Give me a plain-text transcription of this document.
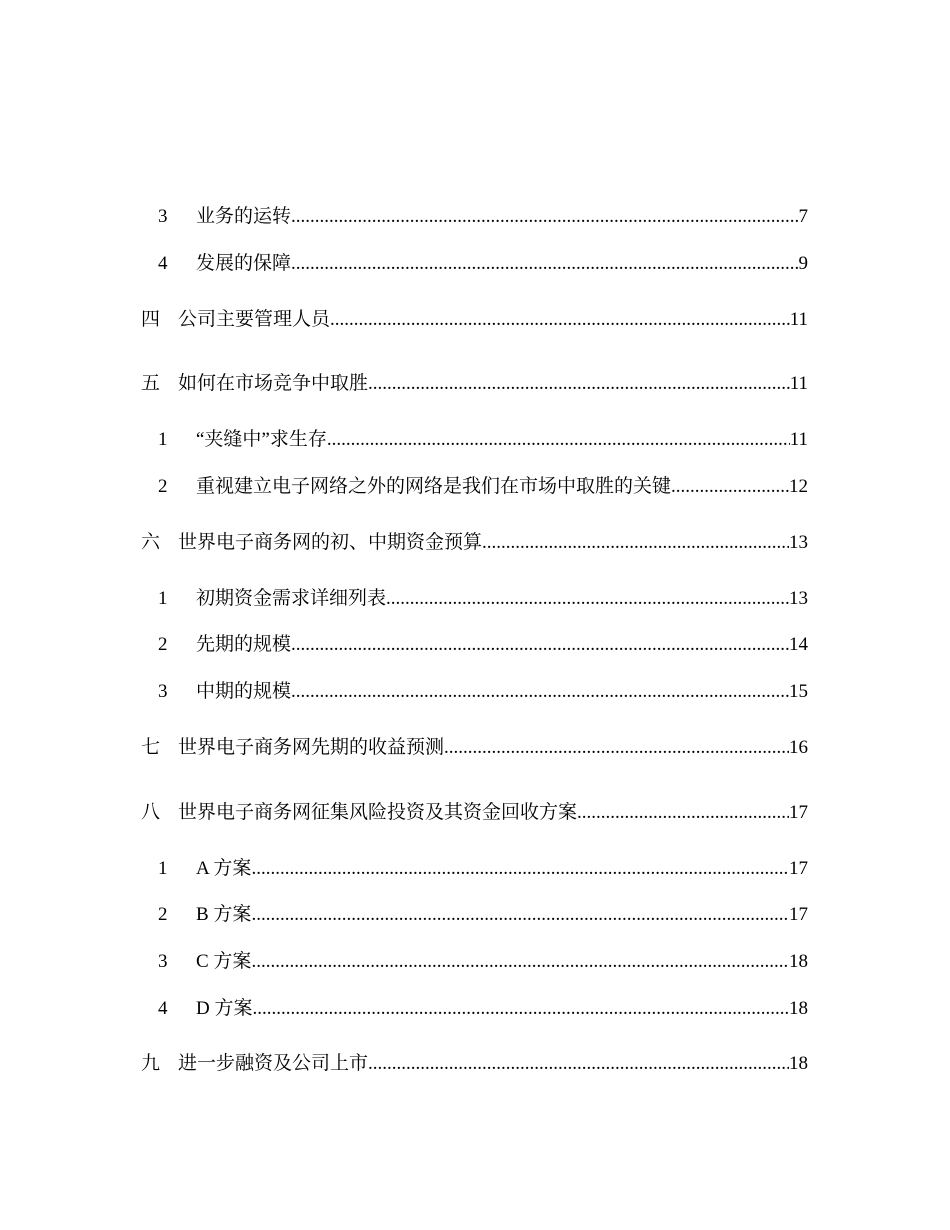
3 业务的运转 .....	7
4 发展的保障 .....	9
四 公司主要管理人员 .....	11
五 如何在市场竞争中取胜 .....	11
1 “夹缝中”求生存 .....	11
2 重视建立电子网络之外的网络是我们在市场中取胜的关键 .....	12
六 世界电子商务网的初、中期资金预算 .....	13
1 初期资金需求详细列表 .....	13
2 先期的规模 .....	14
3 中期的规模 .....	15
七 世界电子商务网先期的收益预测 .....	16
八 世界电子商务网征集风险投资及其资金回收方案 .....	17
1 A 方案 .....	17
2 B 方案 .....	17
3 C 方案 .....	18
4 D 方案 .....	18
九 进一步融资及公司上市 .....	18
